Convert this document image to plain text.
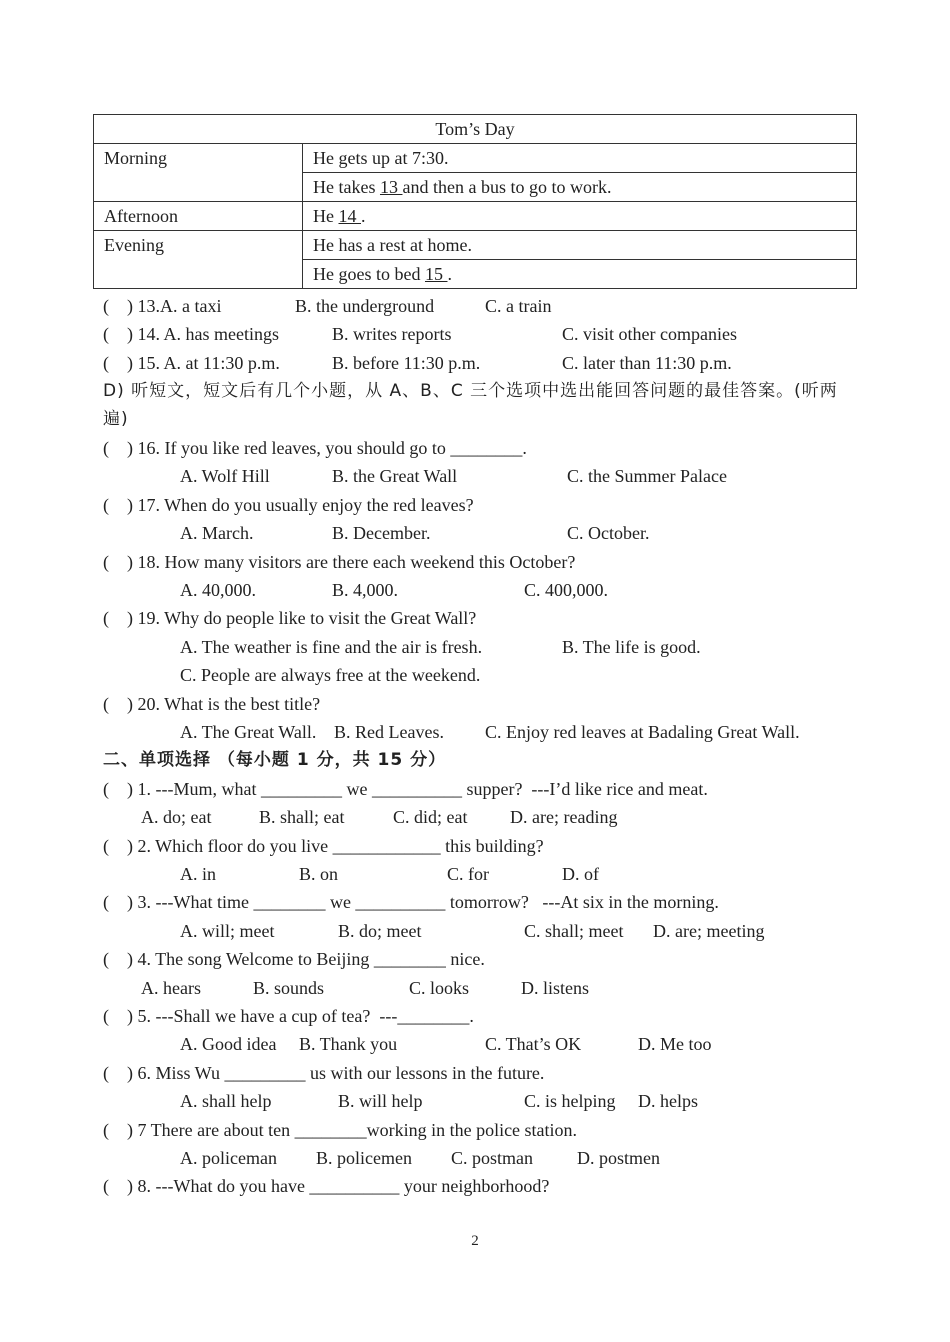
Tom’s Day	
Morning	He gets up at 7:30.
	He takes 13 and then a bus to go to work.
Afternoon	He 14 .
Evening	He has a rest at home.
	He goes to bed 15 .
(    ) 13.A. a taxi	B. the underground	C. a train
(    ) 14. A. has meetings	B. writes reports	C. visit other companies
(    ) 15. A. at 11:30 p.m.	B. before 11:30 p.m.	C. later than 11:30 p.m.
D) 听短文，短文后有几个小题，从 A、B、C 三个选项中选出能回答问题的最佳答案。(听两
遍)
(    ) 16. If you like red leaves, you should go to ________.
A. Wolf Hill	B. the Great Wall	C. the Summer Palace
(    ) 17. When do you usually enjoy the red leaves?
A. March.	B. December.	C. October.
(    ) 18. How many visitors are there each weekend this October?
A. 40,000.	B. 4,000.	C. 400,000.
(    ) 19. Why do people like to visit the Great Wall?
A. The weather is fine and the air is fresh.	B. The life is good.
C. People are always free at the weekend.
(    ) 20. What is the best title?
A. The Great Wall. B. Red Leaves. C. Enjoy red leaves at Badaling Great Wall.
二、单项选择 （每小题 1 分，共 15 分）
(    ) 1. ---Mum, what _________ we __________ supper?  ---I’d like rice and meat.
A. do; eat	B. shall; eat	C. did; eat D. are; reading
(    ) 2. Which floor do you live ____________ this building?
A. in	B. on	C. for	D. of
(    ) 3. ---What time ________ we __________ tomorrow?   ---At six in the morning.
A. will; meet	B. do; meet	C. shall; meet D. are; meeting
(    ) 4. The song Welcome to Beijing ________ nice.
A. hears	B. sounds	C. looks	D. listens
(    ) 5. ---Shall we have a cup of tea?  ---________.
A. Good idea B. Thank you	C. That’s OK	D. Me too
(    ) 6. Miss Wu _________ us with our lessons in the future.
A. shall help	B. will help	C. is helping D. helps
(    ) 7 There are about ten ________working in the police station.
A. policeman B. policemen C. postman D. postmen
(    ) 8. ---What do you have __________ your neighborhood?
2
